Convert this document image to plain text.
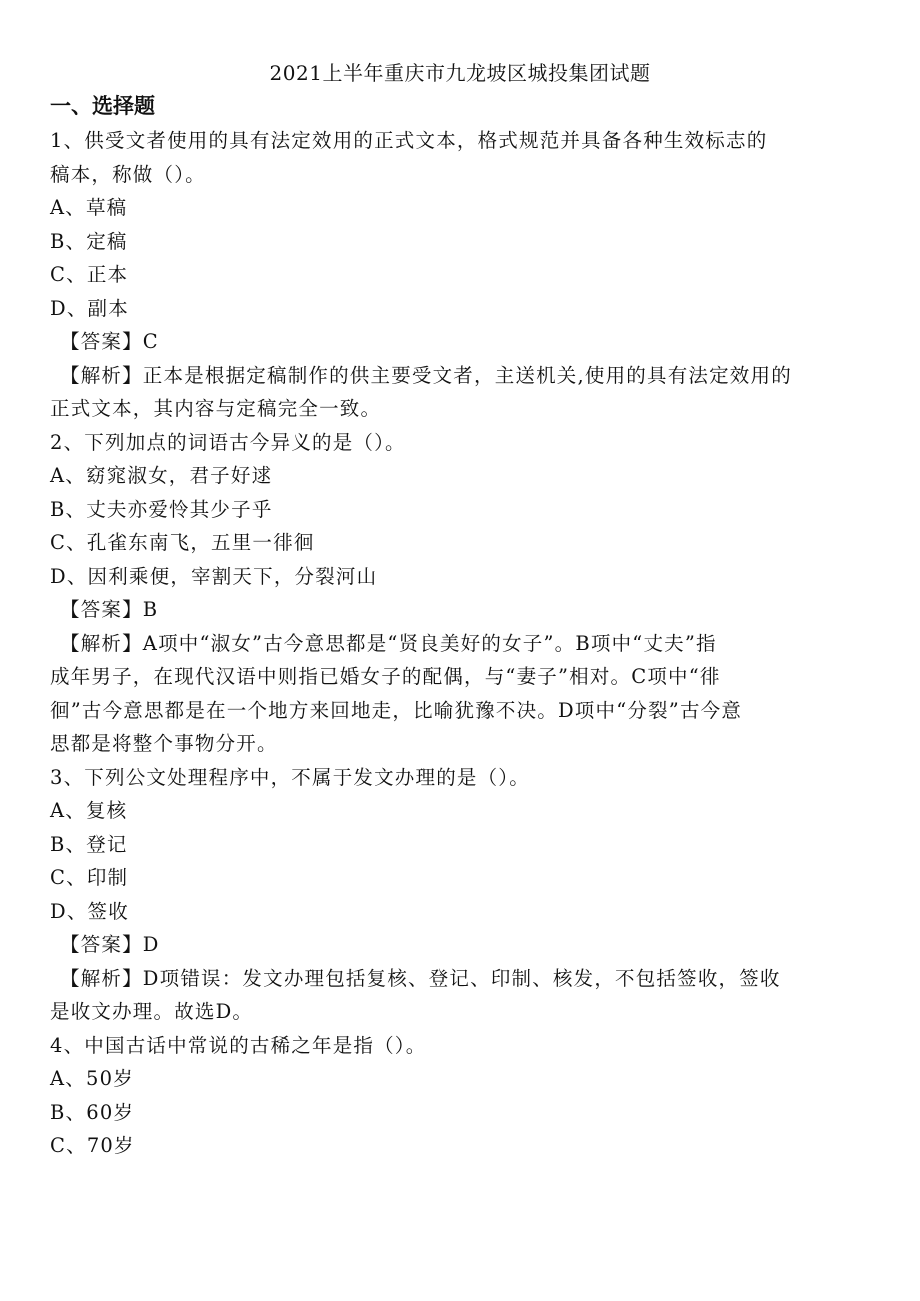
2021上半年重庆市九龙坡区城投集团试题
一、选择题
1、供受文者使用的具有法定效用的正式文本，格式规范并具备各种生效标志的
稿本，称做（）。
A、草稿
B、定稿
C、正本
D、副本
【答案】C
【解析】正本是根据定稿制作的供主要受文者，主送机关,使用的具有法定效用的
正式文本，其内容与定稿完全一致。
2、下列加点的词语古今异义的是（）。
A、窈窕淑女，君子好逑
B、丈夫亦爱怜其少子乎
C、孔雀东南飞，五里一徘徊
D、因利乘便，宰割天下，分裂河山
【答案】B
【解析】A项中“淑女”古今意思都是“贤良美好的女子”。B项中“丈夫”指
成年男子，在现代汉语中则指已婚女子的配偶，与“妻子”相对。C项中“徘
徊”古今意思都是在一个地方来回地走，比喻犹豫不决。D项中“分裂”古今意
思都是将整个事物分开。
3、下列公文处理程序中，不属于发文办理的是（）。
A、复核
B、登记
C、印制
D、签收
【答案】D
【解析】D项错误：发文办理包括复核、登记、印制、核发，不包括签收，签收
是收文办理。故选D。
4、中国古话中常说的古稀之年是指（）。
A、50岁
B、60岁
C、70岁
